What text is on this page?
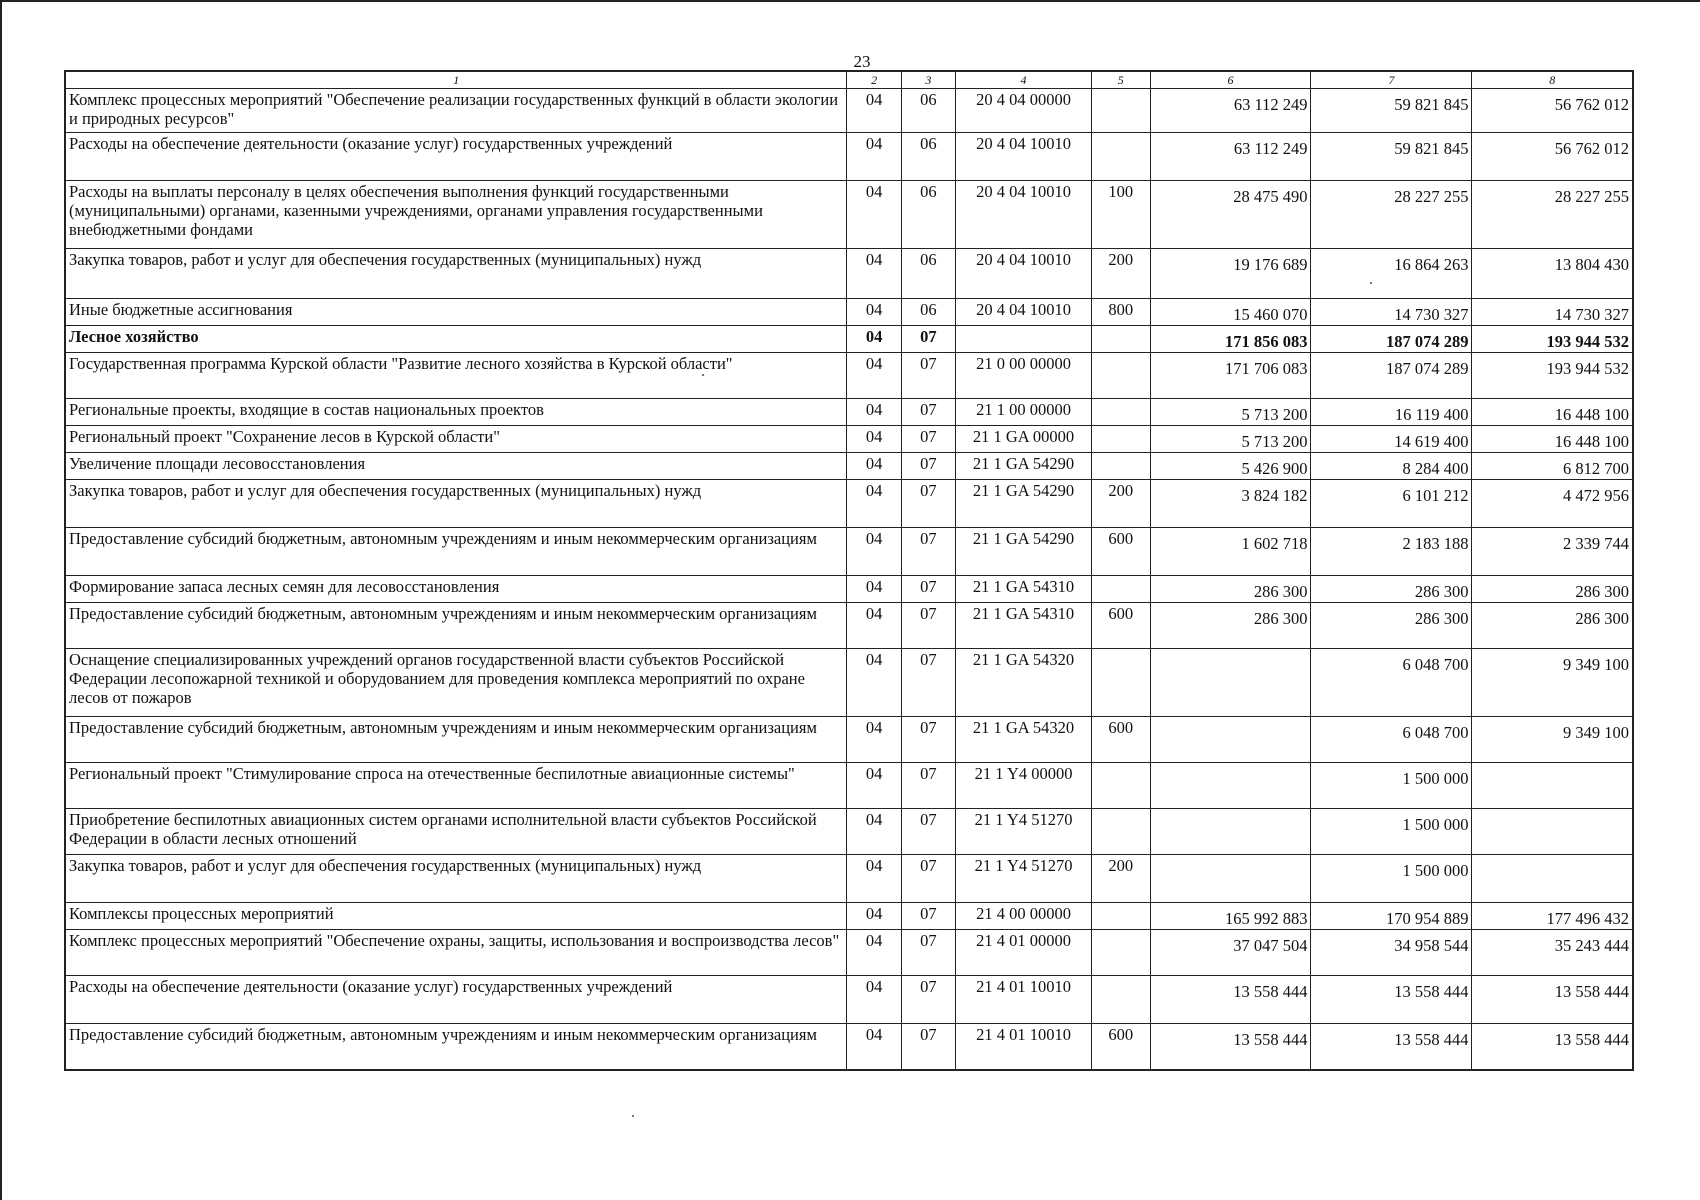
23
1	2	3	4	5	6	7	8
Комплекс процессных мероприятий "Обеспечение реализации государственных функций в области экологии и природных ресурсов"	04	06	20 4 04 00000		63 112 249	59 821 845	56 762 012
Расходы на обеспечение деятельности (оказание услуг) государственных учреждений	04	06	20 4 04 10010		63 112 249	59 821 845	56 762 012
Расходы на выплаты персоналу в целях обеспечения выполнения функций государственными (муниципальными) органами, казенными учреждениями, органами управления государственными внебюджетными фондами	04	06	20 4 04 10010	100	28 475 490	28 227 255	28 227 255
Закупка товаров, работ и услуг для обеспечения государственных (муниципальных) нужд	04	06	20 4 04 10010	200	19 176 689	16 864 263	13 804 430
Иные бюджетные ассигнования	04	06	20 4 04 10010	800	15 460 070	14 730 327	14 730 327
Лесное хозяйство	04	07			171 856 083	187 074 289	193 944 532
Государственная программа Курской области "Развитие лесного хозяйства в Курской области"	04	07	21 0 00 00000		171 706 083	187 074 289	193 944 532
Региональные проекты, входящие в состав национальных проектов	04	07	21 1 00 00000		5 713 200	16 119 400	16 448 100
Региональный проект "Сохранение лесов в Курской области"	04	07	21 1 GA 00000		5 713 200	14 619 400	16 448 100
Увеличение площади лесовосстановления	04	07	21 1 GA 54290		5 426 900	8 284 400	6 812 700
Закупка товаров, работ и услуг для обеспечения государственных (муниципальных) нужд	04	07	21 1 GA 54290	200	3 824 182	6 101 212	4 472 956
Предоставление субсидий бюджетным, автономным учреждениям и иным некоммерческим организациям	04	07	21 1 GA 54290	600	1 602 718	2 183 188	2 339 744
Формирование запаса лесных семян для лесовосстановления	04	07	21 1 GA 54310		286 300	286 300	286 300
Предоставление субсидий бюджетным, автономным учреждениям и иным некоммерческим организациям	04	07	21 1 GA 54310	600	286 300	286 300	286 300
Оснащение специализированных учреждений органов государственной власти субъектов Российской Федерации лесопожарной техникой и оборудованием для проведения комплекса мероприятий по охране лесов от пожаров	04	07	21 1 GA 54320			6 048 700	9 349 100
Предоставление субсидий бюджетным, автономным учреждениям и иным некоммерческим организациям	04	07	21 1 GA 54320	600		6 048 700	9 349 100
Региональный проект "Стимулирование спроса на отечественные беспилотные авиационные системы"	04	07	21 1 Y4 00000			1 500 000	
Приобретение беспилотных авиационных систем органами исполнительной власти субъектов Российской Федерации в области лесных отношений	04	07	21 1 Y4 51270			1 500 000	
Закупка товаров, работ и услуг для обеспечения государственных (муниципальных) нужд	04	07	21 1 Y4 51270	200		1 500 000	
Комплексы процессных мероприятий	04	07	21 4 00 00000		165 992 883	170 954 889	177 496 432
Комплекс процессных мероприятий "Обеспечение охраны, защиты, использования и воспроизводства лесов"	04	07	21 4 01 00000		37 047 504	34 958 544	35 243 444
Расходы на обеспечение деятельности (оказание услуг) государственных учреждений	04	07	21 4 01 10010		13 558 444	13 558 444	13 558 444
Предоставление субсидий бюджетным, автономным учреждениям и иным некоммерческим организациям	04	07	21 4 01 10010	600	13 558 444	13 558 444	13 558 444
